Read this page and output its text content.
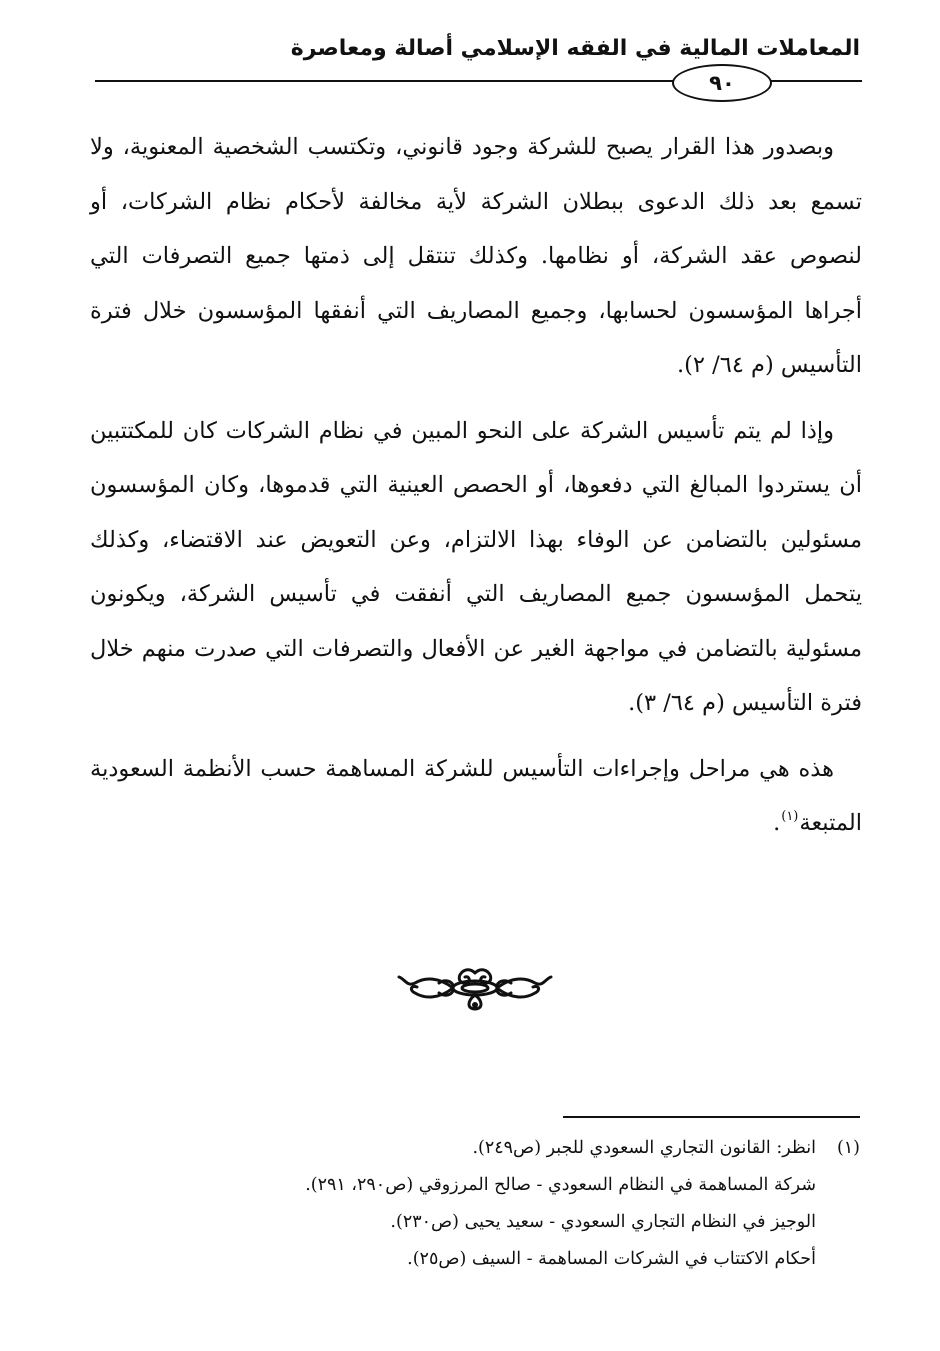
المعاملات المالية في الفقه الإسلامي أصالة ومعاصرة
٩٠

وبصدور هذا القرار يصبح للشركة وجود قانوني، وتكتسب الشخصية المعنوية، ولا تسمع بعد ذلك الدعوى ببطلان الشركة لأية مخالفة لأحكام نظام الشركات، أو لنصوص عقد الشركة، أو نظامها. وكذلك تنتقل إلى ذمتها جميع التصرفات التي أجراها المؤسسون لحسابها، وجميع المصاريف التي أنفقها المؤسسون خلال فترة التأسيس (م ٦٤/ ٢).

وإذا لم يتم تأسيس الشركة على النحو المبين في نظام الشركات كان للمكتتبين أن يستردوا المبالغ التي دفعوها، أو الحصص العينية التي قدموها، وكان المؤسسون مسئولين بالتضامن عن الوفاء بهذا الالتزام، وعن التعويض عند الاقتضاء، وكذلك يتحمل المؤسسون جميع المصاريف التي أنفقت في تأسيس الشركة، ويكونون مسئولية بالتضامن في مواجهة الغير عن الأفعال والتصرفات التي صدرت منهم خلال فترة التأسيس (م ٦٤/ ٣).

هذه هي مراحل وإجراءات التأسيس للشركة المساهمة حسب الأنظمة السعودية المتبعة$^{(١)}$.

(١)انظر: القانون التجاري السعودي للجبر (ص٢٤٩).
شركة المساهمة في النظام السعودي - صالح المرزوقي (ص٢٩٠، ٢٩١).
الوجيز في النظام التجاري السعودي - سعيد يحيى (ص٢٣٠).
أحكام الاكتتاب في الشركات المساهمة - السيف (ص٢٥).
